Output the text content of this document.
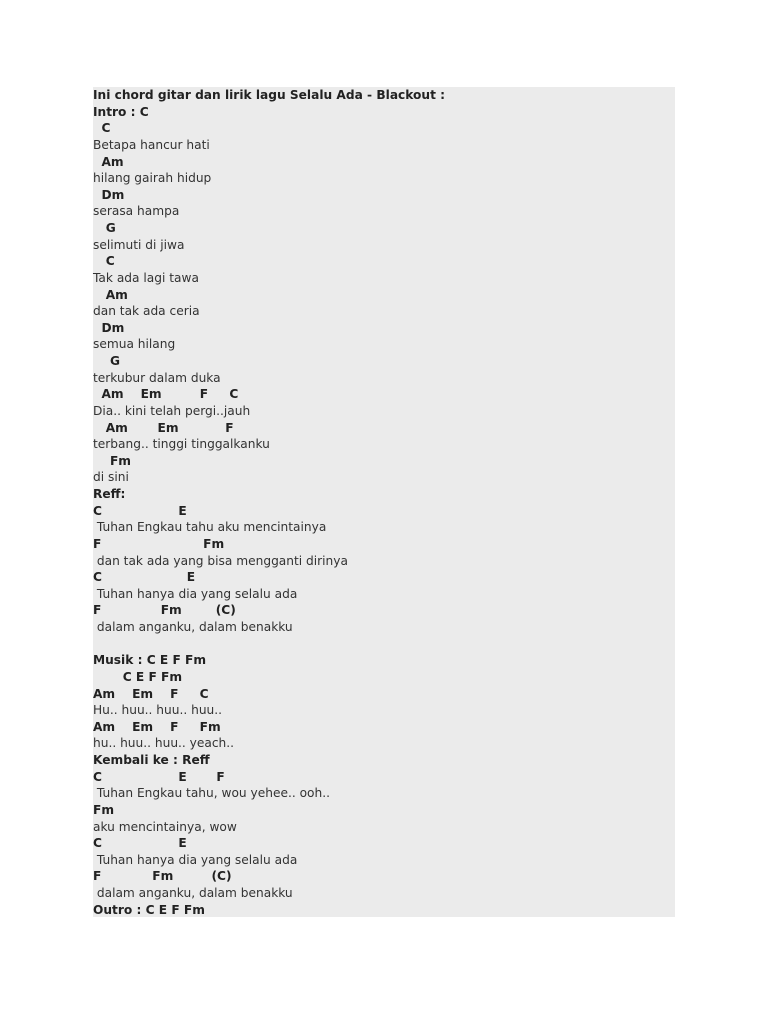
Ini chord gitar dan lirik lagu Selalu Ada - Blackout :
Intro : C
C
Betapa hancur hati
Am
hilang gairah hidup
Dm
serasa hampa
G
selimuti di jiwa
C
Tak ada lagi tawa
Am
dan tak ada ceria
Dm
semua hilang
G
terkubur dalam duka
Am    Em         F     C
Dia.. kini telah pergi..jauh
Am       Em           F
terbang.. tinggi tinggalkanku
Fm
di sini
Reff:
C                  E
Tuhan Engkau tahu aku mencintainya
F                        Fm
dan tak ada yang bisa mengganti dirinya
C                    E
Tuhan hanya dia yang selalu ada
F              Fm        (C)
dalam anganku, dalam benakku
Musik : C E F Fm
C E F Fm
Am    Em    F     C
Hu.. huu.. huu.. huu..
Am    Em    F     Fm
hu.. huu.. huu.. yeach..
Kembali ke : Reff
C                  E       F
Tuhan Engkau tahu, wou yehee.. ooh..
Fm
aku mencintainya, wow
C                  E
Tuhan hanya dia yang selalu ada
F            Fm         (C)
dalam anganku, dalam benakku
Outro : C E F Fm
